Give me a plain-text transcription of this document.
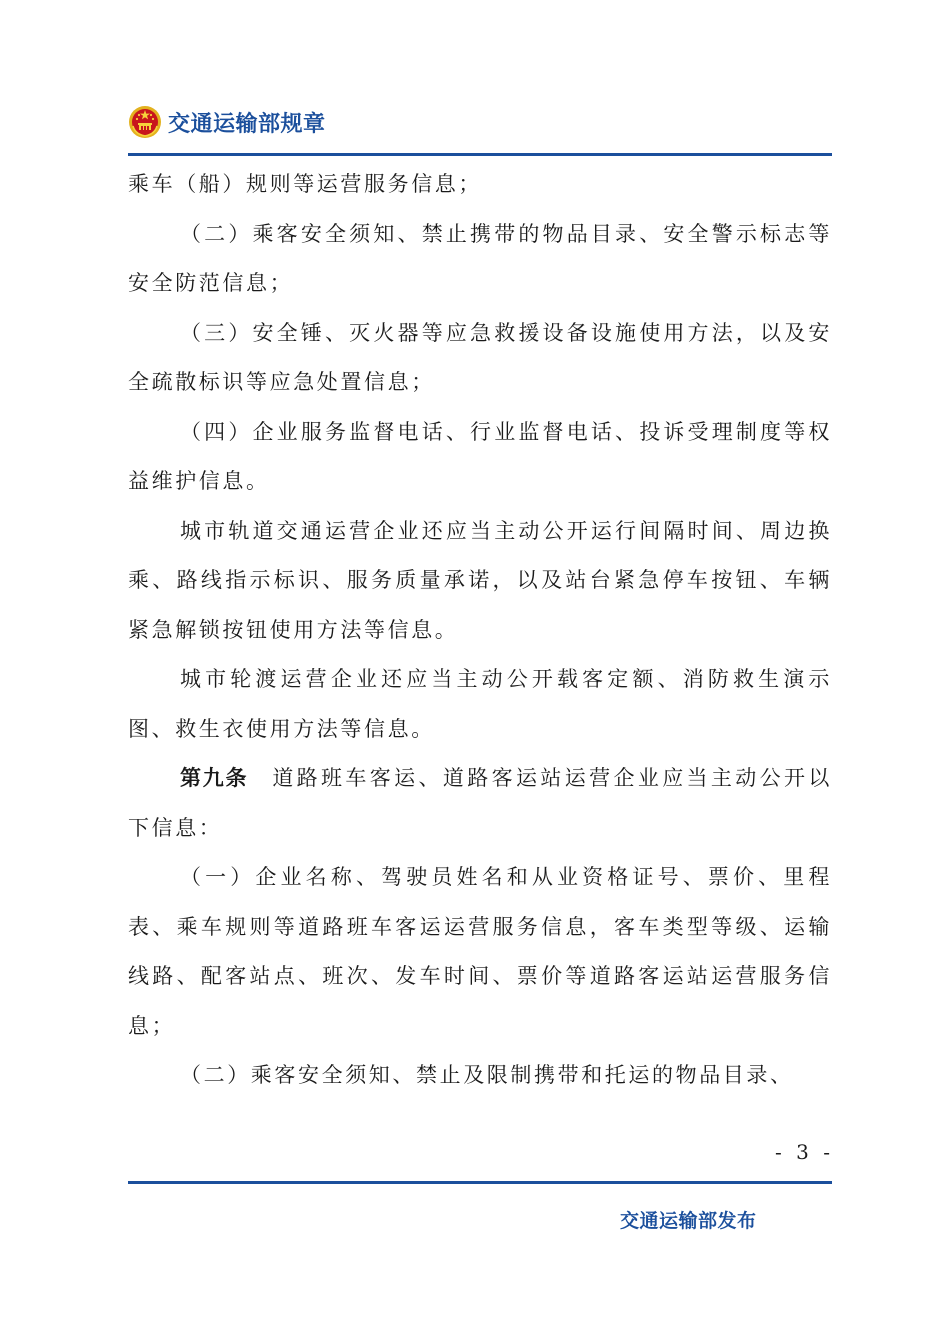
交通运输部规章

乘车（船）规则等运营服务信息；

（二）乘客安全须知、禁止携带的物品目录、安全警示标志等安全防范信息；

（三）安全锤、灭火器等应急救援设备设施使用方法，以及安全疏散标识等应急处置信息；

（四）企业服务监督电话、行业监督电话、投诉受理制度等权益维护信息。

城市轨道交通运营企业还应当主动公开运行间隔时间、周边换乘、路线指示标识、服务质量承诺，以及站台紧急停车按钮、车辆紧急解锁按钮使用方法等信息。

城市轮渡运营企业还应当主动公开载客定额、消防救生演示图、救生衣使用方法等信息。

第九条 道路班车客运、道路客运站运营企业应当主动公开以下信息：

（一）企业名称、驾驶员姓名和从业资格证号、票价、里程表、乘车规则等道路班车客运运营服务信息，客车类型等级、运输线路、配客站点、班次、发车时间、票价等道路客运站运营服务信息；

（二）乘客安全须知、禁止及限制携带和托运的物品目录、

- 3 -
交通运输部发布
